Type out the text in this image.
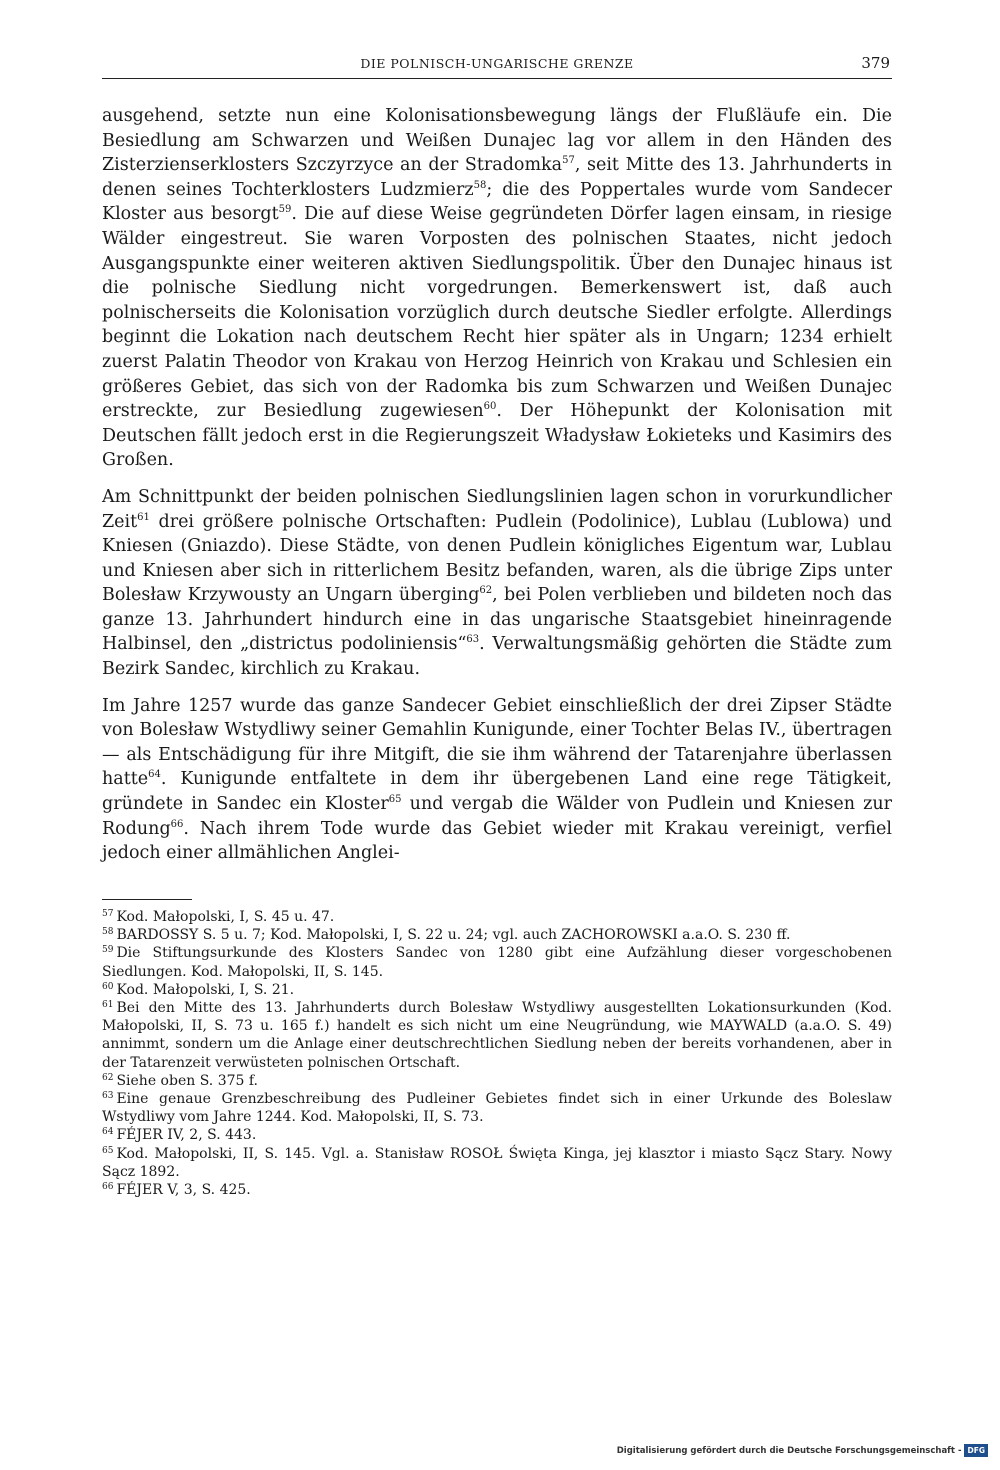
DIE POLNISCH-UNGARISCHE GRENZE	379

ausgehend, setzte nun eine Kolonisationsbewegung längs der Flußläufe ein. Die Besiedlung am Schwarzen und Weißen Dunajec lag vor allem in den Händen des Zisterzienserklosters Szczyrzyce an der Stradomka$^{57}$, seit Mitte des 13. Jahrhunderts in denen seines Tochterklosters Ludzmierz$^{58}$; die des Poppertales wurde vom Sandecer Kloster aus besorgt$^{59}$. Die auf diese Weise gegründeten Dörfer lagen einsam, in riesige Wälder eingestreut. Sie waren Vorposten des polnischen Staates, nicht jedoch Ausgangspunkte einer weiteren aktiven Siedlungspolitik. Über den Dunajec hinaus ist die polnische Siedlung nicht vorgedrungen. Bemerkenswert ist, daß auch polnischerseits die Kolonisation vorzüglich durch deutsche Siedler erfolgte. Allerdings beginnt die Lokation nach deutschem Recht hier später als in Ungarn; 1234 erhielt zuerst Palatin Theodor von Krakau von Herzog Heinrich von Krakau und Schlesien ein größeres Gebiet, das sich von der Radomka bis zum Schwarzen und Weißen Dunajec erstreckte, zur Besiedlung zugewiesen$^{60}$. Der Höhepunkt der Kolonisation mit Deutschen fällt jedoch erst in die Regierungszeit Władysław Łokieteks und Kasimirs des Großen.

Am Schnittpunkt der beiden polnischen Siedlungslinien lagen schon in vorurkundlicher Zeit$^{61}$ drei größere polnische Ortschaften: Pudlein (Podolinice), Lublau (Lublowa) und Kniesen (Gniazdo). Diese Städte, von denen Pudlein königliches Eigentum war, Lublau und Kniesen aber sich in ritterlichem Besitz befanden, waren, als die übrige Zips unter Bolesław Krzywousty an Ungarn überging$^{62}$, bei Polen verblieben und bildeten noch das ganze 13. Jahrhundert hindurch eine in das ungarische Staatsgebiet hineinragende Halbinsel, den „districtus podoliniensis“$^{63}$. Verwaltungsmäßig gehörten die Städte zum Bezirk Sandec, kirchlich zu Krakau.

Im Jahre 1257 wurde das ganze Sandecer Gebiet einschließlich der drei Zipser Städte von Bolesław Wstydliwy seiner Gemahlin Kunigunde, einer Tochter Belas IV., übertragen — als Entschädigung für ihre Mitgift, die sie ihm während der Tatarenjahre überlassen hatte$^{64}$. Kunigunde entfaltete in dem ihr übergebenen Land eine rege Tätigkeit, gründete in Sandec ein Kloster$^{65}$ und vergab die Wälder von Pudlein und Kniesen zur Rodung$^{66}$. Nach ihrem Tode wurde das Gebiet wieder mit Krakau vereinigt, verfiel jedoch einer allmählichen Anglei-

$^{57}$ Kod. Małopolski, I, S. 45 u. 47.

$^{58}$ BARDOSSY S. 5 u. 7; Kod. Małopolski, I, S. 22 u. 24; vgl. auch ZACHOROWSKI a.a.O. S. 230 ff.

$^{59}$ Die Stiftungsurkunde des Klosters Sandec von 1280 gibt eine Aufzählung dieser vorgeschobenen Siedlungen. Kod. Małopolski, II, S. 145.

$^{60}$ Kod. Małopolski, I, S. 21.

$^{61}$ Bei den Mitte des 13. Jahrhunderts durch Bolesław Wstydliwy ausgestellten Lokationsurkunden (Kod. Małopolski, II, S. 73 u. 165 f.) handelt es sich nicht um eine Neugründung, wie MAYWALD (a.a.O. S. 49) annimmt, sondern um die Anlage einer deutschrechtlichen Siedlung neben der bereits vorhandenen, aber in der Tatarenzeit verwüsteten polnischen Ortschaft.

$^{62}$ Siehe oben S. 375 f.

$^{63}$ Eine genaue Grenzbeschreibung des Pudleiner Gebietes findet sich in einer Urkunde des Boleslaw Wstydliwy vom Jahre 1244. Kod. Małopolski, II, S. 73.

$^{64}$ FÉJER IV, 2, S. 443.

$^{65}$ Kod. Małopolski, II, S. 145. Vgl. a. Stanisław ROSOŁ Święta Kinga, jej klasztor i miasto Sącz Stary. Nowy Sącz 1892.

$^{66}$ FÉJER V, 3, S. 425.

Digitalisierung gefördert durch die Deutsche Forschungsgemeinschaft - DFG
